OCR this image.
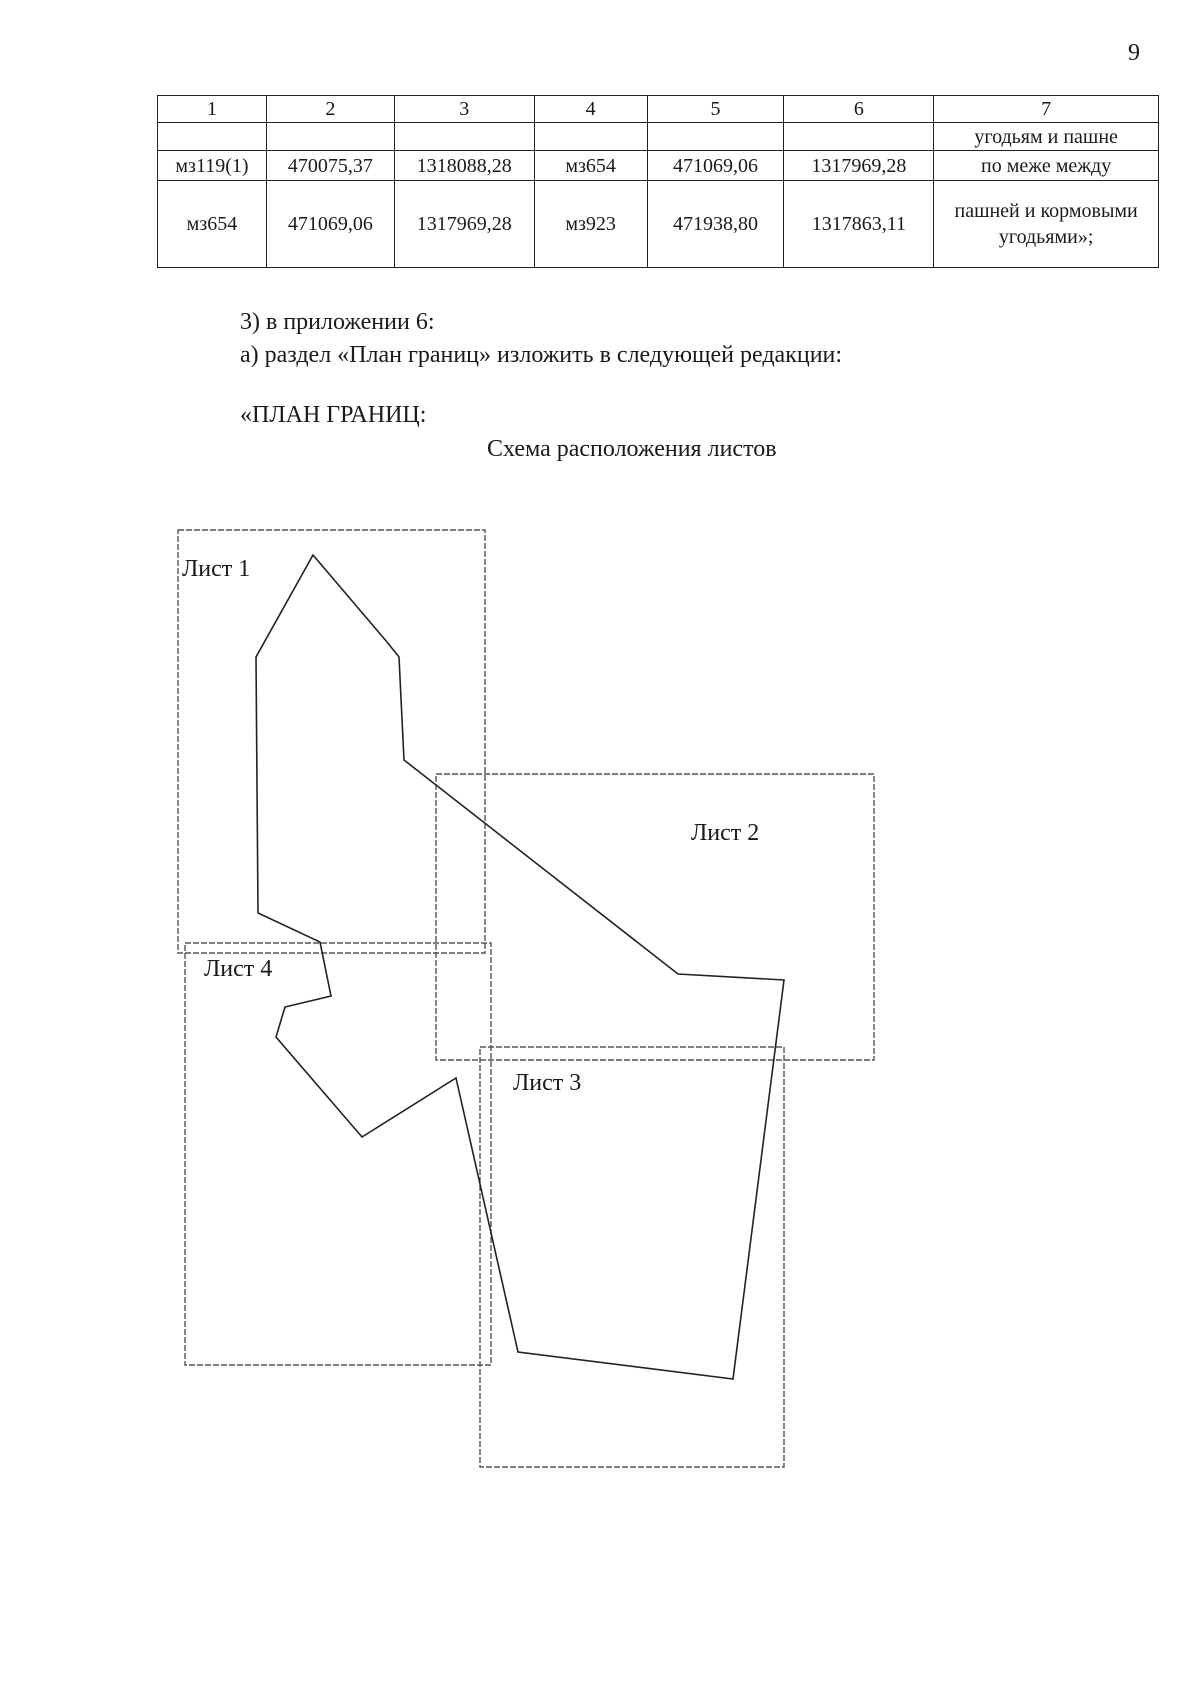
9
1	2	3	4	5	6	7
						угодьям и пашне
мз119(1)	470075,37	1318088,28	мз654	471069,06	1317969,28	по меже между
мз654	471069,06	1317969,28	мз923	471938,80	1317863,11	пашней и кормовыми угодьями»;
3) в приложении 6:
а) раздел «План границ» изложить в следующей редакции:
«ПЛАН ГРАНИЦ:
Схема расположения листов
Лист 1
Лист 2
Лист 3
Лист 4
